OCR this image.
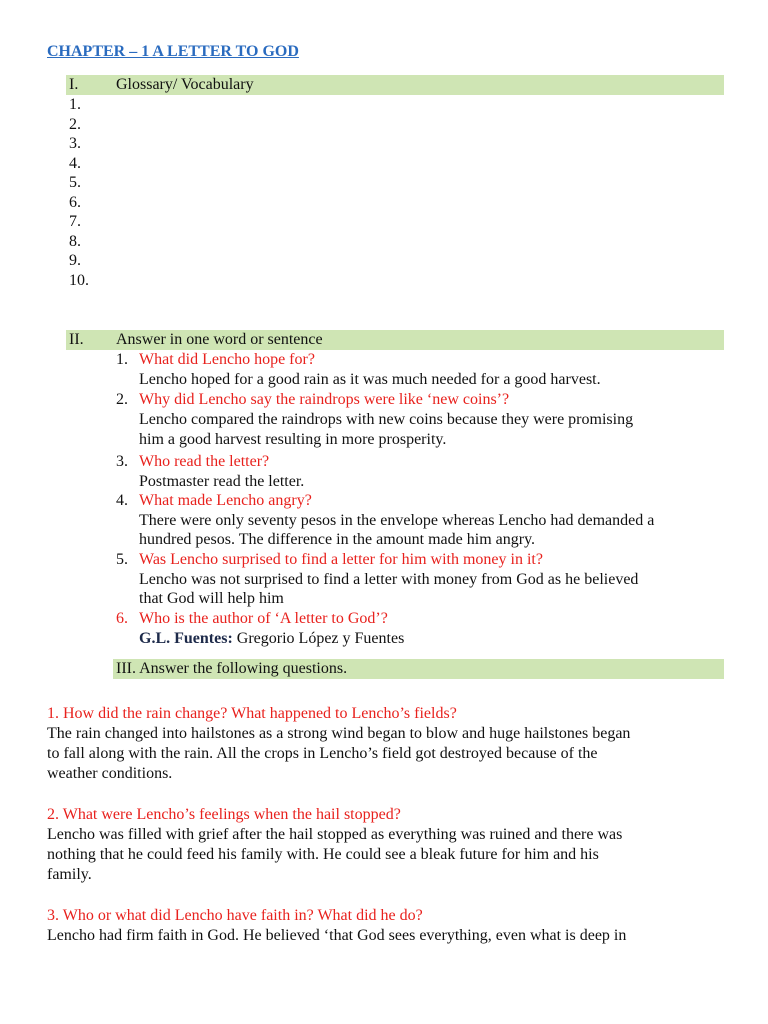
CHAPTER – 1 A LETTER TO GOD
I. Glossary/ Vocabulary
1.
2.
3.
4.
5.
6.
7.
8.
9.
10.
II. Answer in one word or sentence
1. What did Lencho hope for?
Lencho hoped for a good rain as it was much needed for a good harvest.
2. Why did Lencho say the raindrops were like ‘new coins’?
Lencho compared the raindrops with new coins because they were promising
him a good harvest resulting in more prosperity.
3. Who read the letter?
Postmaster read the letter.
4. What made Lencho angry?
There were only seventy pesos in the envelope whereas Lencho had demanded a
hundred pesos. The difference in the amount made him angry.
5. Was Lencho surprised to find a letter for him with money in it?
Lencho was not surprised to find a letter with money from God as he believed
that God will help him
6. Who is the author of ‘A letter to God’?
G.L. Fuentes: Gregorio López y Fuentes
III. Answer the following questions.
1. How did the rain change? What happened to Lencho’s fields?
The rain changed into hailstones as a strong wind began to blow and huge hailstones began
to fall along with the rain. All the crops in Lencho’s field got destroyed because of the
weather conditions.
2. What were Lencho’s feelings when the hail stopped?
Lencho was filled with grief after the hail stopped as everything was ruined and there was
nothing that he could feed his family with. He could see a bleak future for him and his
family.
3. Who or what did Lencho have faith in? What did he do?
Lencho had firm faith in God. He believed ‘that God sees everything, even what is deep in
